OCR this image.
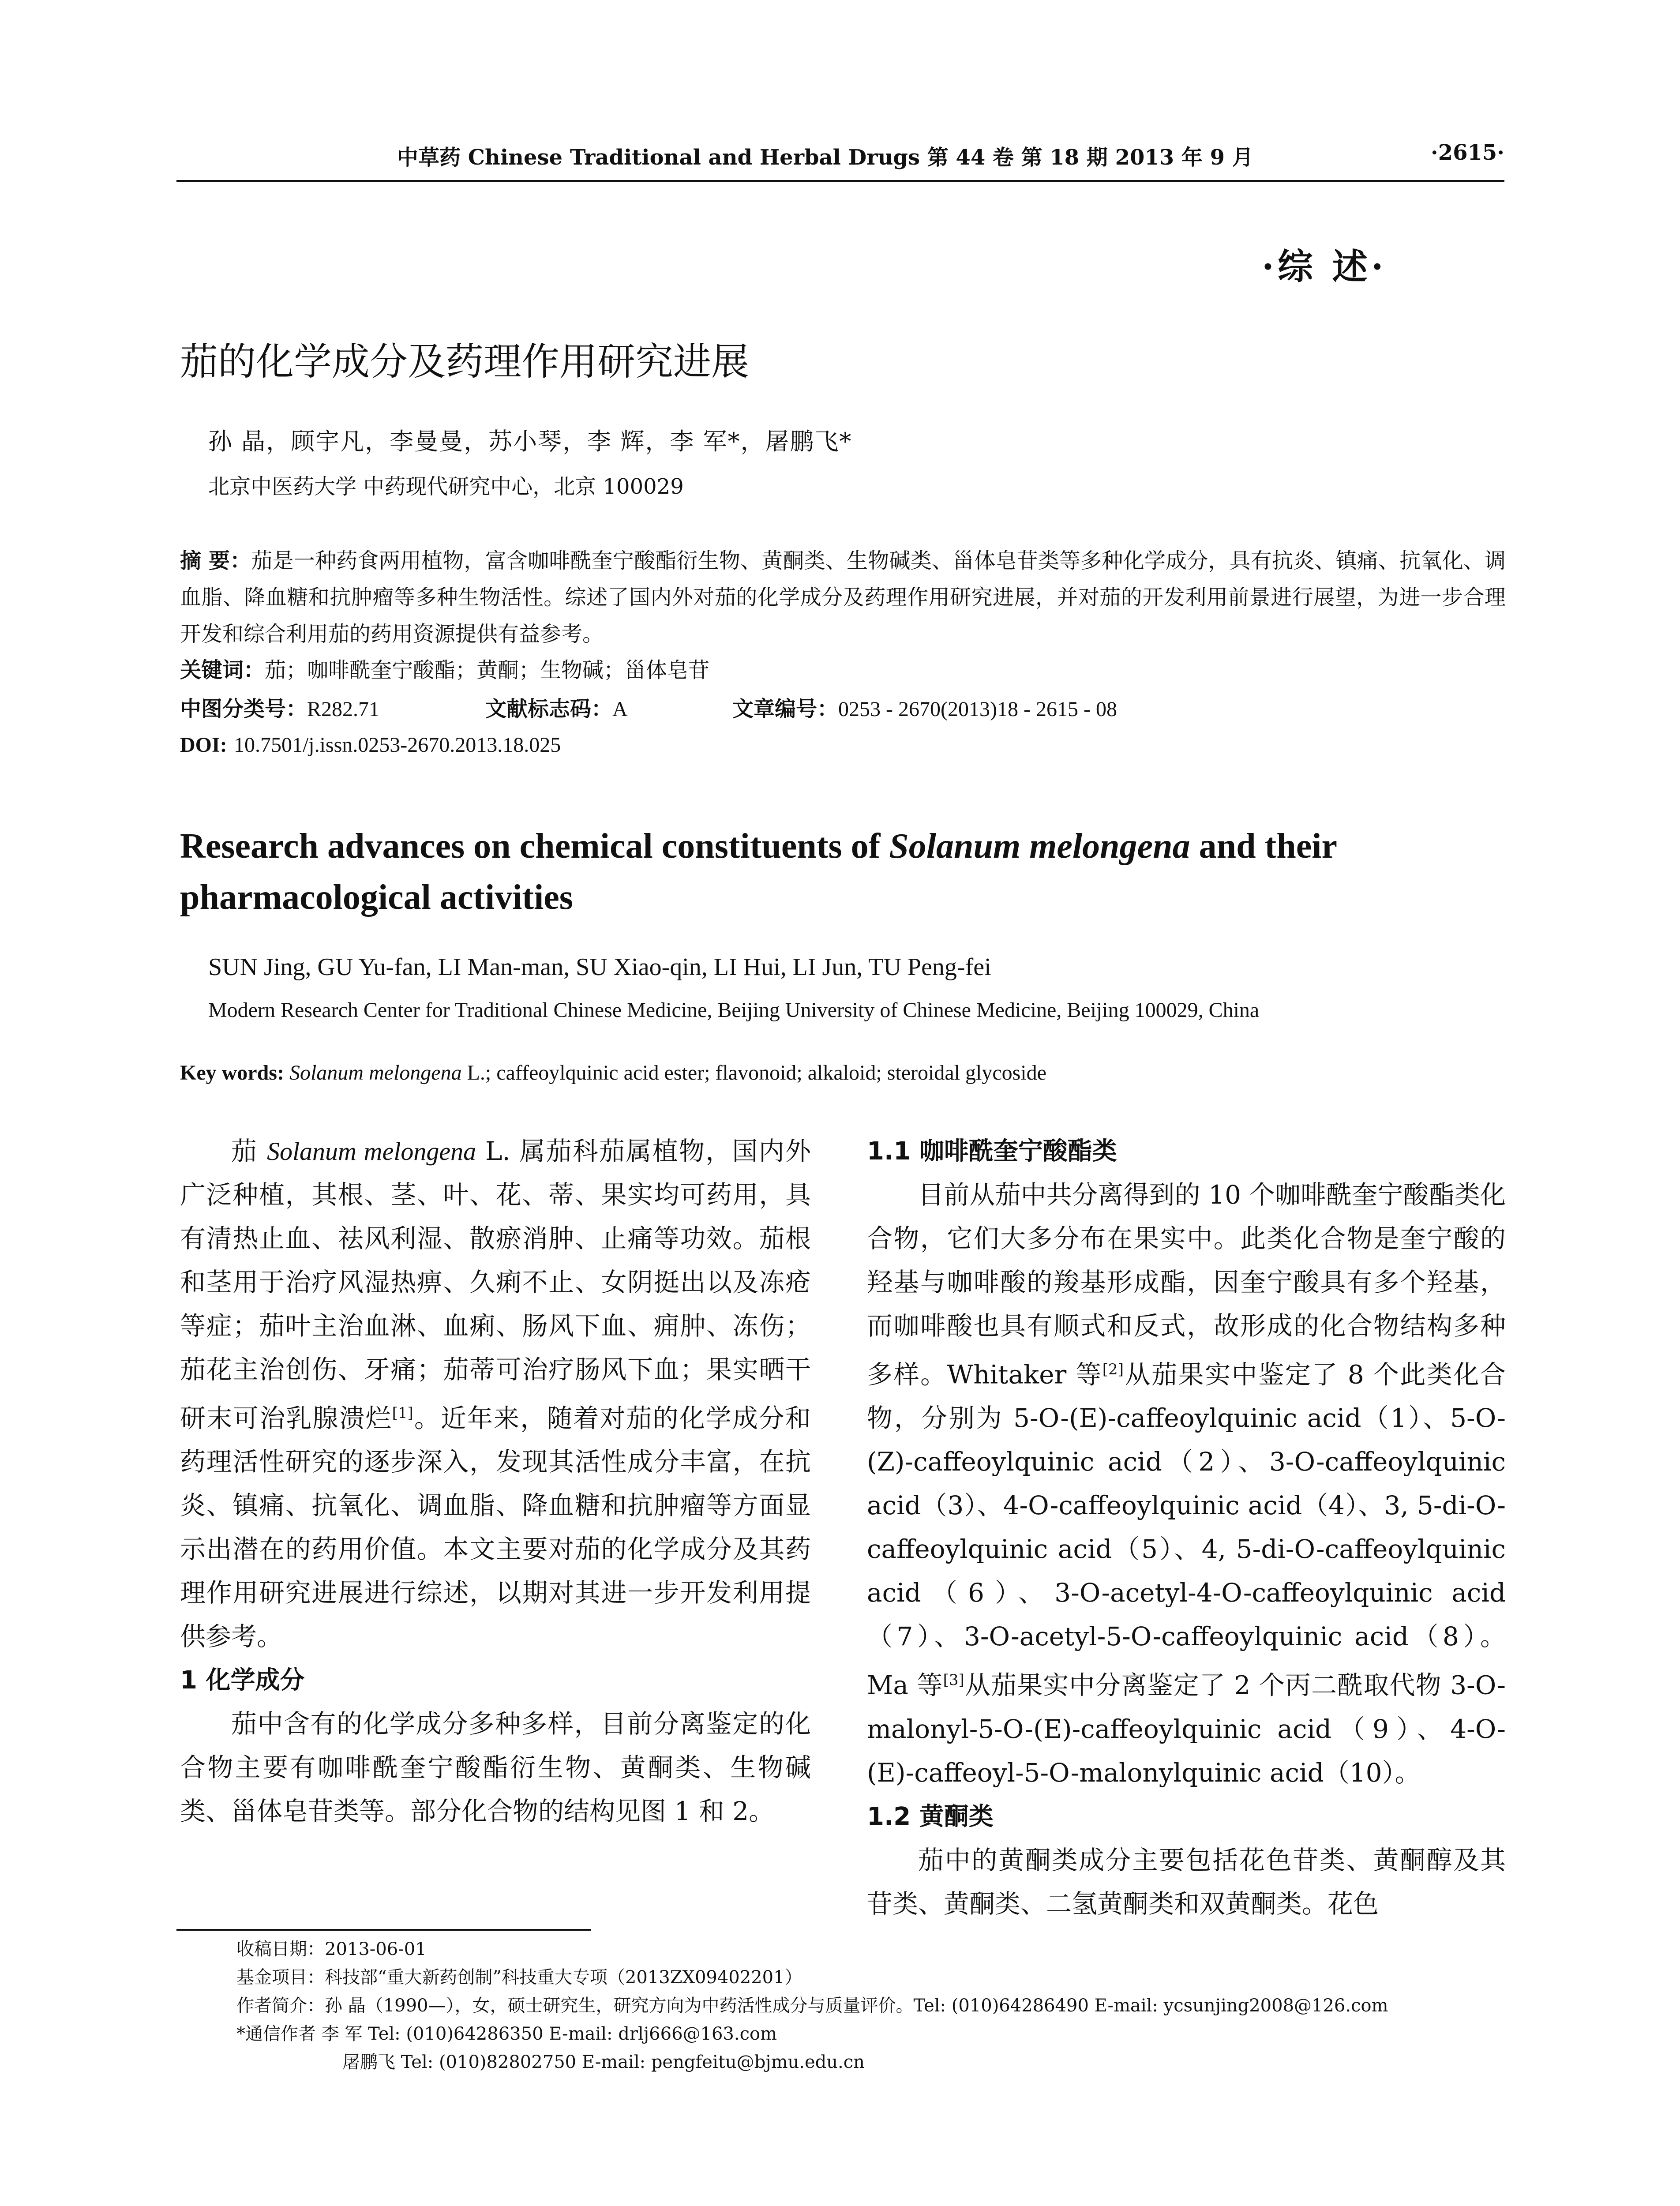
中草药 Chinese Traditional and Herbal Drugs 第 44 卷 第 18 期 2013 年 9 月	·2615·
·综 述·
茄的化学成分及药理作用研究进展
孙 晶，顾宇凡，李曼曼，苏小琴，李 辉，李 军*，屠鹏飞*
北京中医药大学 中药现代研究中心，北京 100029
摘 要：茄是一种药食两用植物，富含咖啡酰奎宁酸酯衍生物、黄酮类、生物碱类、甾体皂苷类等多种化学成分，具有抗炎、镇痛、抗氧化、调血脂、降血糖和抗肿瘤等多种生物活性。综述了国内外对茄的化学成分及药理作用研究进展，并对茄的开发利用前景进行展望，为进一步合理开发和综合利用茄的药用资源提供有益参考。
关键词：茄；咖啡酰奎宁酸酯；黄酮；生物碱；甾体皂苷
中图分类号：R282.71	文献标志码：A	文章编号：0253 - 2670(2013)18 - 2615 - 08
DOI: 10.7501/j.issn.0253-2670.2013.18.025
Research advances on chemical constituents of Solanum melongena and their pharmacological activities
SUN Jing, GU Yu-fan, LI Man-man, SU Xiao-qin, LI Hui, LI Jun, TU Peng-fei
Modern Research Center for Traditional Chinese Medicine, Beijing University of Chinese Medicine, Beijing 100029, China
Key words: Solanum melongena L.; caffeoylquinic acid ester; flavonoid; alkaloid; steroidal glycoside

茄 Solanum melongena L. 属茄科茄属植物，国内外广泛种植，其根、茎、叶、花、蒂、果实均可药用，具有清热止血、祛风利湿、散瘀消肿、止痛等功效。茄根和茎用于治疗风湿热痹、久痢不止、女阴挺出以及冻疮等症；茄叶主治血淋、血痢、肠风下血、痈肿、冻伤；茄花主治创伤、牙痛；茄蒂可治疗肠风下血；果实晒干研末可治乳腺溃烂[1]。近年来，随着对茄的化学成分和药理活性研究的逐步深入，发现其活性成分丰富，在抗炎、镇痛、抗氧化、调血脂、降血糖和抗肿瘤等方面显示出潜在的药用价值。本文主要对茄的化学成分及其药理作用研究进展进行综述，以期对其进一步开发利用提供参考。

1 化学成分

茄中含有的化学成分多种多样，目前分离鉴定的化合物主要有咖啡酰奎宁酸酯衍生物、黄酮类、生物碱类、甾体皂苷类等。部分化合物的结构见图 1 和 2。

1.1 咖啡酰奎宁酸酯类

目前从茄中共分离得到的 10 个咖啡酰奎宁酸酯类化合物，它们大多分布在果实中。此类化合物是奎宁酸的羟基与咖啡酸的羧基形成酯，因奎宁酸具有多个羟基，而咖啡酸也具有顺式和反式，故形成的化合物结构多种多样。Whitaker 等[2]从茄果实中鉴定了 8 个此类化合物，分别为 5-O-(E)-caffeoylquinic acid（1）、5-O-(Z)-caffeoylquinic acid（2）、3-O-caffeoylquinic acid（3）、4-O-caffeoylquinic acid（4）、3, 5-di-O-caffeoylquinic acid（5）、4, 5-di-O-caffeoylquinic acid（6）、3-O-acetyl-4-O-caffeoylquinic acid（7）、3-O-acetyl-5-O-caffeoylquinic acid（8）。Ma 等[3]从茄果实中分离鉴定了 2 个丙二酰取代物 3-O-malonyl-5-O-(E)-caffeoylquinic acid（9）、4-O-(E)-caffeoyl-5-O-malonylquinic acid（10）。

1.2 黄酮类

茄中的黄酮类成分主要包括花色苷类、黄酮醇及其苷类、黄酮类、二氢黄酮类和双黄酮类。花色

收稿日期：2013-06-01
基金项目：科技部“重大新药创制”科技重大专项（2013ZX09402201）
作者简介：孙 晶（1990—），女，硕士研究生，研究方向为中药活性成分与质量评价。Tel: (010)64286490 E-mail: ycsunjing2008@126.com
*通信作者 李 军 Tel: (010)64286350 E-mail: drlj666@163.com
屠鹏飞 Tel: (010)82802750 E-mail: pengfeitu@bjmu.edu.cn
